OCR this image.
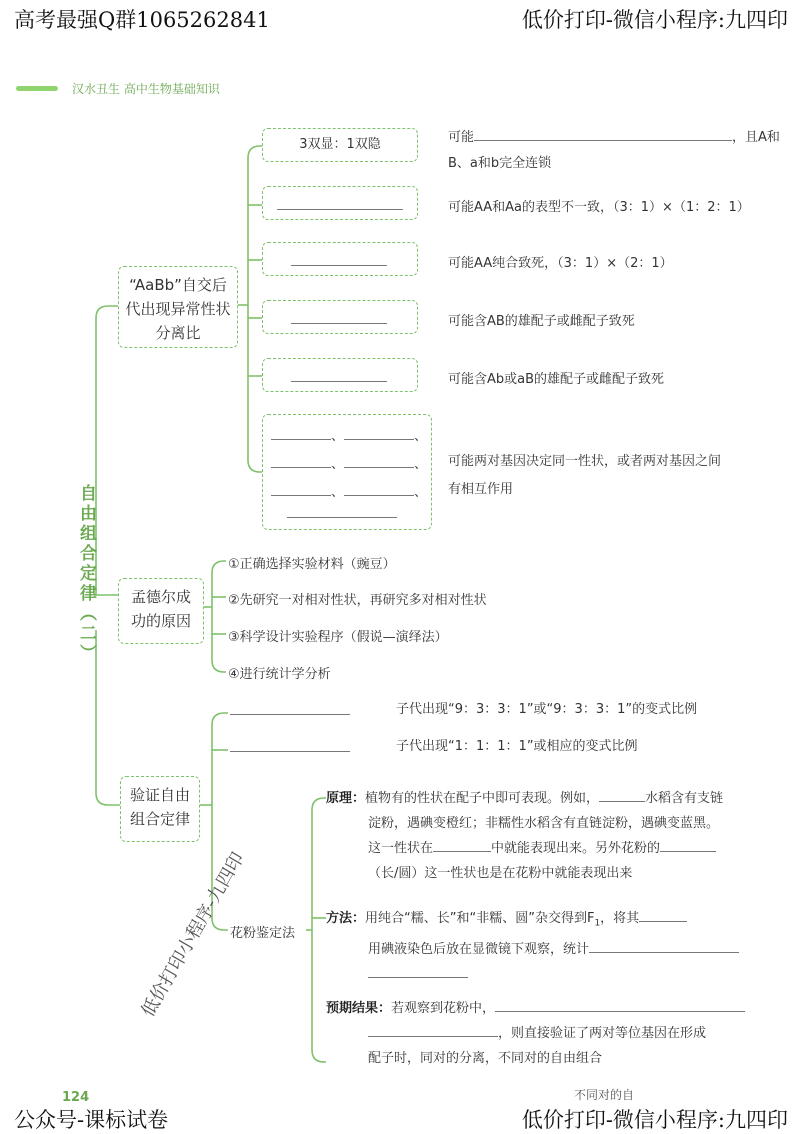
高考最强Q群1065262841	低价打印-微信小程序:九四印
汉水丑生 高中生物基础知识
自由组合定律（二）
“AaBb”自交后代出现异常性状分离比
3双显：1双隐	可能	，且A和
B、a和b完全连锁
可能AA和Aa的表型不一致，（3：1）×（1：2：1）
可能AA纯合致死，（3：1）×（2：1）
可能含AB的雄配子或雌配子致死
可能含Ab或aB的雄配子或雌配子致死
、	、
、	、
、	、
可能两对基因决定同一性状，或者两对基因之间
有相互作用
孟德尔成功的原因
①正确选择实验材料（豌豆）
②先研究一对相对性状，再研究多对相对性状
③科学设计实验程序（假说—演绎法）
④进行统计学分析
验证自由组合定律
子代出现“9：3：3：1”或“9：3：3：1”的变式比例
子代出现“1：1：1：1”或相应的变式比例
花粉鉴定法
原理：植物有的性状在配子中即可表现。例如，	水稻含有支链
淀粉，遇碘变橙红；非糯性水稻含有直链淀粉，遇碘变蓝黑。
这一性状在	中就能表现出来。另外花粉的
（长/圆）这一性状也是在花粉中就能表现出来
方法：用纯合“糯、长”和“非糯、圆”杂交得到$F_1$，将其
用碘液染色后放在显微镜下观察，统计
预期结果：若观察到花粉中，
，则直接验证了两对等位基因在形成
配子时，同对的分离，不同对的自由组合
低价打印小程序-九四印
124	不同对的自
公众号-课标试卷	低价打印-微信小程序:九四印
